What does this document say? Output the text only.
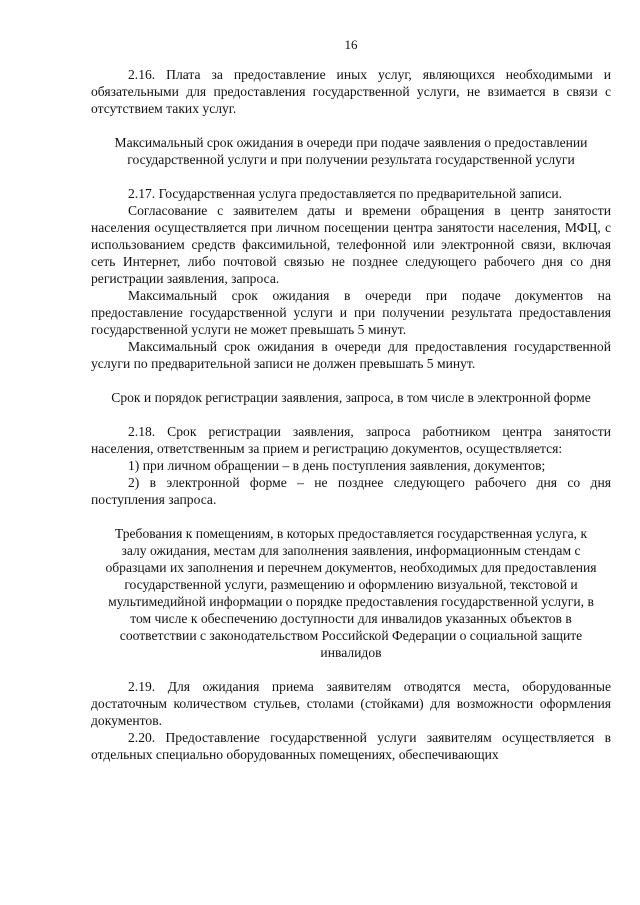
16

2.16. Плата за предоставление иных услуг, являющихся необходимыми и обязательными для предоставления государственной услуги, не взимается в связи с отсутствием таких услуг.

Максимальный срок ожидания в очереди при подаче заявления о предоставлении государственной услуги и при получении результата государственной услуги

2.17. Государственная услуга предоставляется по предварительной записи.

Согласование с заявителем даты и времени обращения в центр занятости населения осуществляется при личном посещении центра занятости населения, МФЦ, с использованием средств факсимильной, телефонной или электронной связи, включая сеть Интернет, либо почтовой связью не позднее следующего рабочего дня со дня регистрации заявления, запроса.

Максимальный срок ожидания в очереди при подаче документов на предоставление государственной услуги и при получении результата предоставления государственной услуги не может превышать 5 минут.

Максимальный срок ожидания в очереди для предоставления государственной услуги по предварительной записи не должен превышать 5 минут.

Срок и порядок регистрации заявления, запроса, в том числе в электронной форме

2.18. Срок регистрации заявления, запроса работником центра занятости населения, ответственным за прием и регистрацию документов, осуществляется:

1) при личном обращении – в день поступления заявления, документов;

2) в электронной форме – не позднее следующего рабочего дня со дня поступления запроса.

Требования к помещениям, в которых предоставляется государственная услуга, к залу ожидания, местам для заполнения заявления, информационным стендам с образцами их заполнения и перечнем документов, необходимых для предоставления государственной услуги, размещению и оформлению визуальной, текстовой и мультимедийной информации о порядке предоставления государственной услуги, в том числе к обеспечению доступности для инвалидов указанных объектов в соответствии с законодательством Российской Федерации о социальной защите инвалидов

2.19. Для ожидания приема заявителям отводятся места, оборудованные достаточным количеством стульев, столами (стойками) для возможности оформления документов.

2.20. Предоставление государственной услуги заявителям осуществляется в отдельных специально оборудованных помещениях, обеспечивающих
